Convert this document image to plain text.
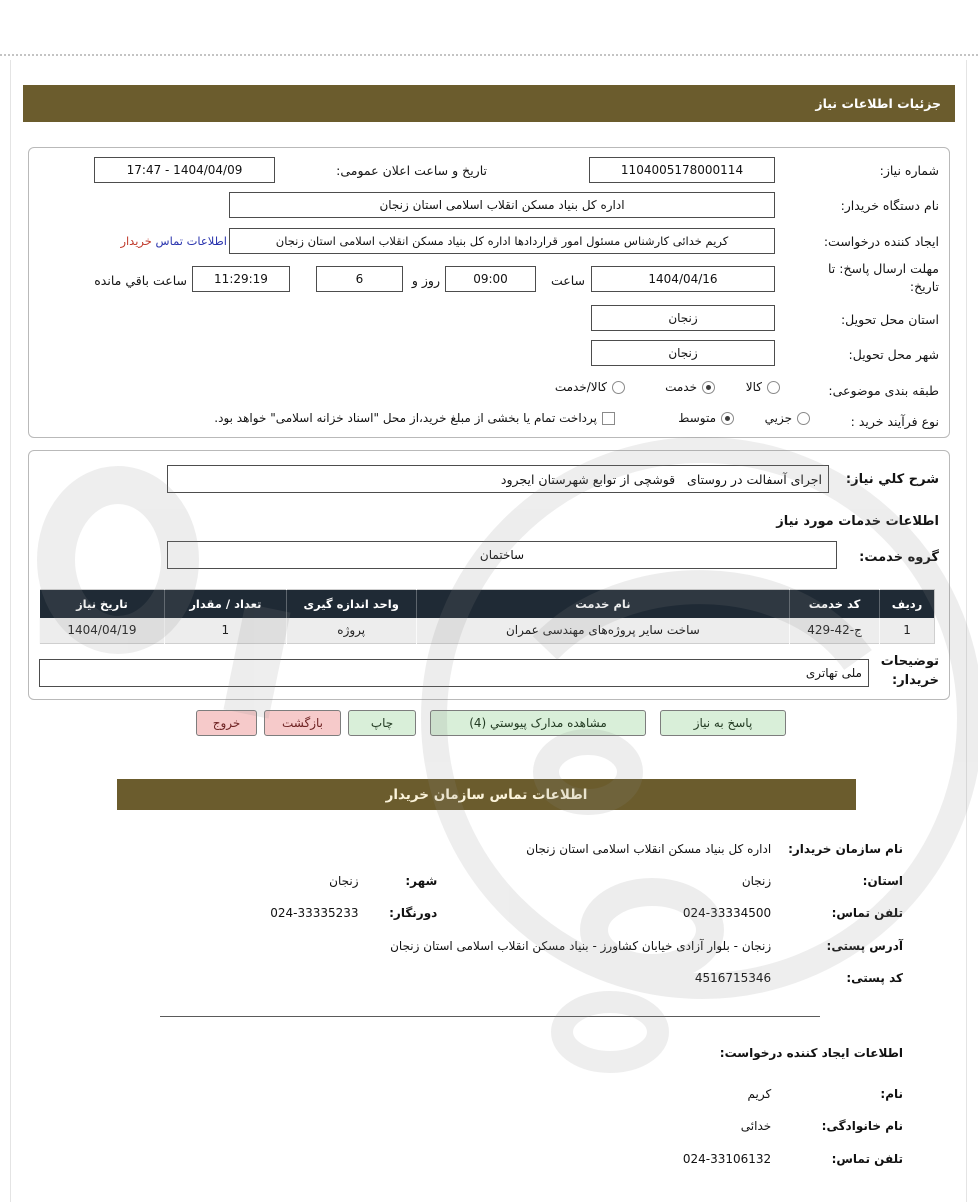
جزئیات اطلاعات نیاز
شماره نیاز:
1104005178000114
تاریخ و ساعت اعلان عمومی:
17:47 - 1404/04/09
نام دستگاه خریدار:
اداره کل بنیاد مسکن انقلاب اسلامی استان زنجان
ایجاد کننده درخواست:
کریم خدائی کارشناس مسئول امور قراردادها اداره کل بنیاد مسکن انقلاب اسلامی استان زنجان
اطلاعات تماس خریدار
مهلت ارسال پاسخ: تا تاریخ:
1404/04/16
ساعت
09:00
روز و
6
11:29:19
ساعت باقي مانده
استان محل تحویل:
زنجان
شهر محل تحویل:
زنجان
طبقه بندی موضوعی:
کالا
خدمت
کالا/خدمت
نوع فرآیند خرید :
جزيي
متوسط
پرداخت تمام یا بخشی از مبلغ خرید،از محل "اسناد خزانه اسلامی" خواهد بود.
شرح كلي نياز:
اجرای آسفالت در روستای   قوشچی از توابع شهرستان ایجرود
اطلاعات خدمات مورد نیاز
گروه خدمت:
ساختمان
ردیف	کد خدمت	نام خدمت	واحد اندازه گیری	تعداد / مقدار	تاریخ نیاز
1	ج-42-429	ساخت سایر پروژه‌های مهندسی عمران	پروژه	1	1404/04/19
توضیحات خریدار:
ملی تهاتری
پاسخ به نیاز
مشاهده مدارک پیوستي (4)
چاپ
بازگشت
خروج
اطلاعات تماس سازمان خریدار
نام سازمان خریدار: اداره کل بنیاد مسکن انقلاب اسلامی استان زنجان
استان: زنجان شهر: زنجان
تلفن تماس: 024-33334500 دورنگار: 024-33335233
آدرس پستی: زنجان - بلوار آزادی خیابان کشاورز - بنیاد مسکن انقلاب اسلامی استان زنجان
کد پستی: 4516715346
اطلاعات ایجاد کننده درخواست:
نام: کریم
نام خانوادگی: خدائی
تلفن تماس: 024-33106132
